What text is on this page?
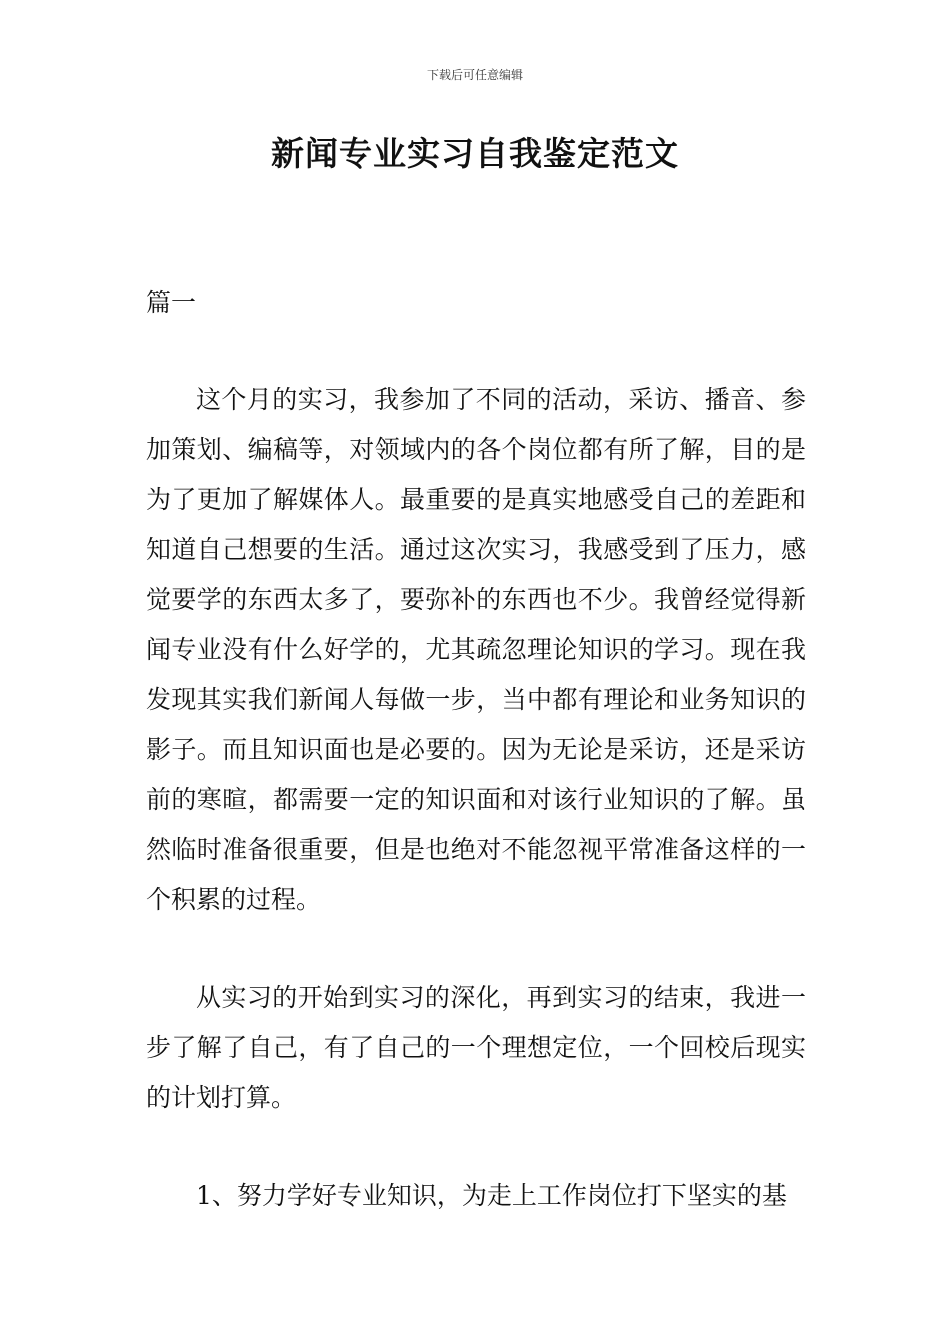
下载后可任意编辑
新闻专业实习自我鉴定范文
篇一

这个月的实习，我参加了不同的活动，采访、播音、参加策划、编稿等，对领域内的各个岗位都有所了解，目的是为了更加了解媒体人。最重要的是真实地感受自己的差距和知道自己想要的生活。通过这次实习，我感受到了压力，感觉要学的东西太多了，要弥补的东西也不少。我曾经觉得新闻专业没有什么好学的，尤其疏忽理论知识的学习。现在我发现其实我们新闻人每做一步，当中都有理论和业务知识的影子。而且知识面也是必要的。因为无论是采访，还是采访前的寒暄，都需要一定的知识面和对该行业知识的了解。虽然临时准备很重要，但是也绝对不能忽视平常准备这样的一个积累的过程。

从实习的开始到实习的深化，再到实习的结束，我进一步了解了自己，有了自己的一个理想定位，一个回校后现实的计划打算。

1、努力学好专业知识，为走上工作岗位打下坚实的基
